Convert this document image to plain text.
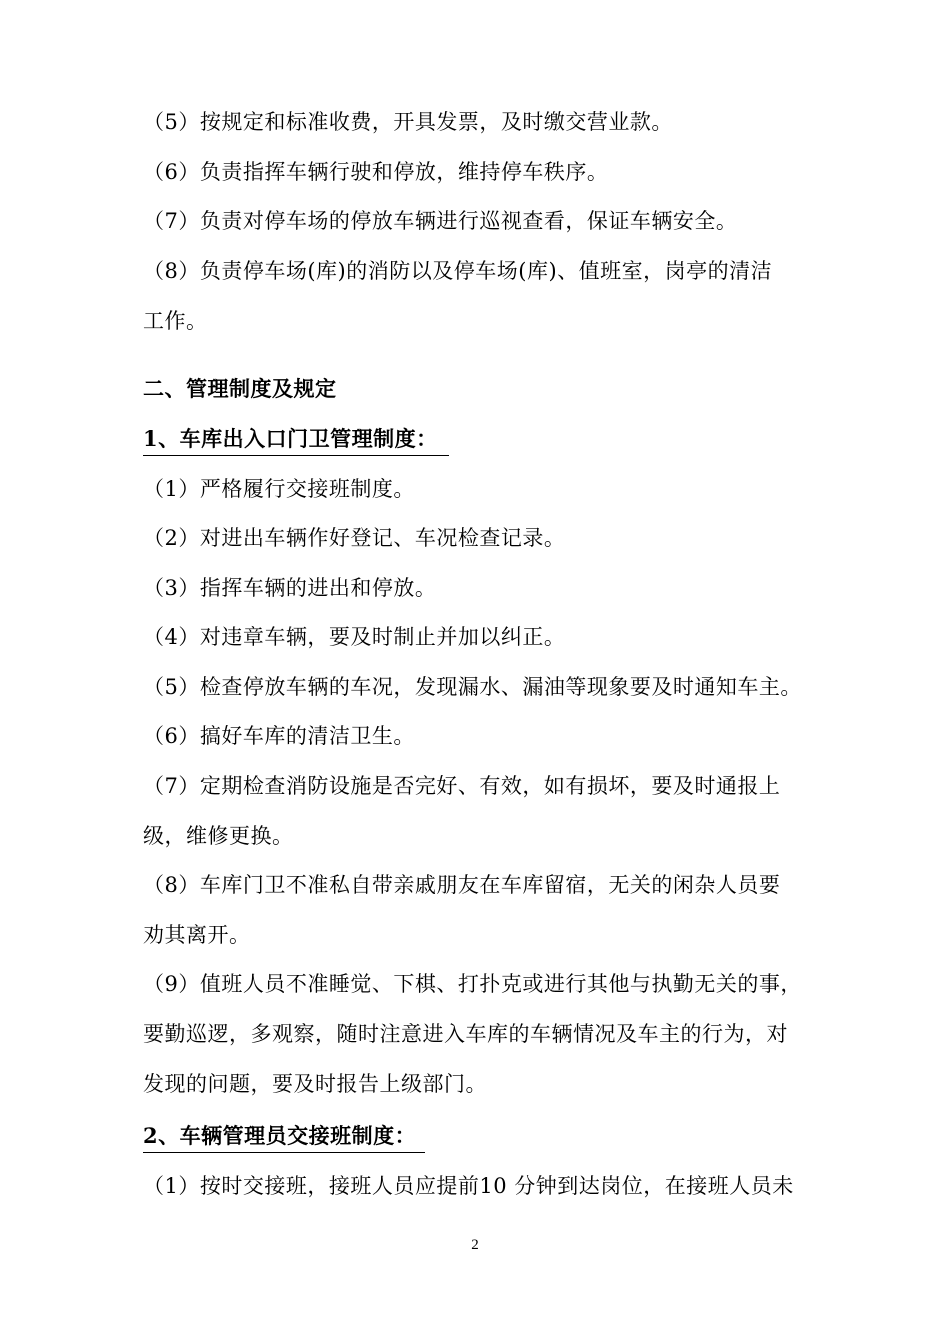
（5）按规定和标准收费，开具发票，及时缴交营业款。
（6）负责指挥车辆行驶和停放，维持停车秩序。
（7）负责对停车场的停放车辆进行巡视查看，保证车辆安全。
（8）负责停车场(库)的消防以及停车场(库)、值班室，岗亭的清洁
工作。
二、管理制度及规定
1、车库出入口门卫管理制度：
（1）严格履行交接班制度。
（2）对进出车辆作好登记、车况检查记录。
（3）指挥车辆的进出和停放。
（4）对违章车辆，要及时制止并加以纠正。
（5）检查停放车辆的车况，发现漏水、漏油等现象要及时通知车主。
（6）搞好车库的清洁卫生。
（7）定期检查消防设施是否完好、有效，如有损坏，要及时通报上
级，维修更换。
（8）车库门卫不准私自带亲戚朋友在车库留宿，无关的闲杂人员要
劝其离开。
（9）值班人员不准睡觉、下棋、打扑克或进行其他与执勤无关的事，
要勤巡逻，多观察，随时注意进入车库的车辆情况及车主的行为，对
发现的问题，要及时报告上级部门。
2、车辆管理员交接班制度：
（1）按时交接班，接班人员应提前10 分钟到达岗位，在接班人员未
2
